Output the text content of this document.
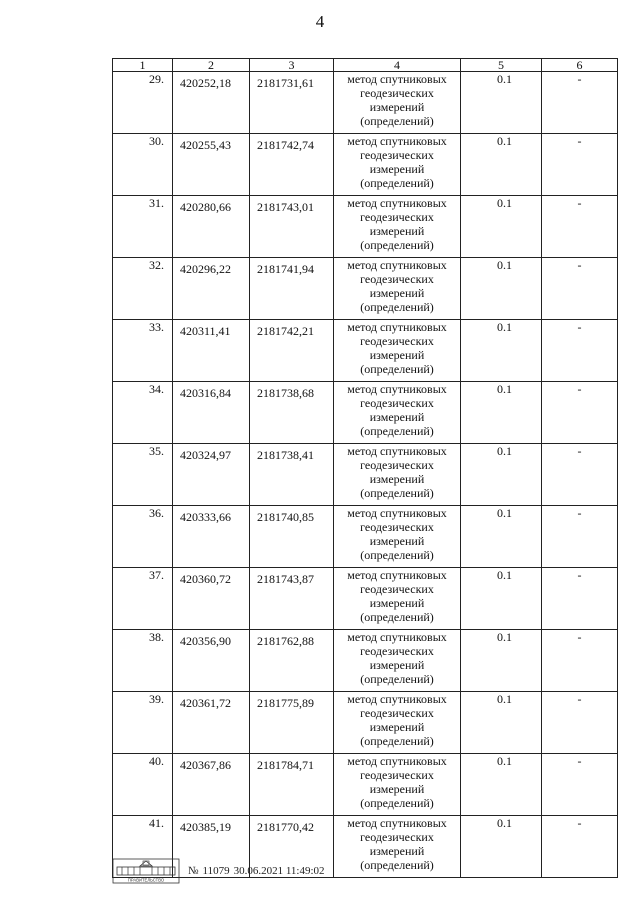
4
1	2	3	4	5	6
29.	420252,18	2181731,61	метод спутниковых геодезических измерений (определений)	0.1	-
30.	420255,43	2181742,74	метод спутниковых геодезических измерений (определений)	0.1	-
31.	420280,66	2181743,01	метод спутниковых геодезических измерений (определений)	0.1	-
32.	420296,22	2181741,94	метод спутниковых геодезических измерений (определений)	0.1	-
33.	420311,41	2181742,21	метод спутниковых геодезических измерений (определений)	0.1	-
34.	420316,84	2181738,68	метод спутниковых геодезических измерений (определений)	0.1	-
35.	420324,97	2181738,41	метод спутниковых геодезических измерений (определений)	0.1	-
36.	420333,66	2181740,85	метод спутниковых геодезических измерений (определений)	0.1	-
37.	420360,72	2181743,87	метод спутниковых геодезических измерений (определений)	0.1	-
38.	420356,90	2181762,88	метод спутниковых геодезических измерений (определений)	0.1	-
39.	420361,72	2181775,89	метод спутниковых геодезических измерений (определений)	0.1	-
40.	420367,86	2181784,71	метод спутниковых геодезических измерений (определений)	0.1	-
41.	420385,19	2181770,42	метод спутниковых геодезических измерений (определений)	0.1	-
ПРАВИТЕЛЬСТВО
№ 11079 30.06.2021 11:49:02
